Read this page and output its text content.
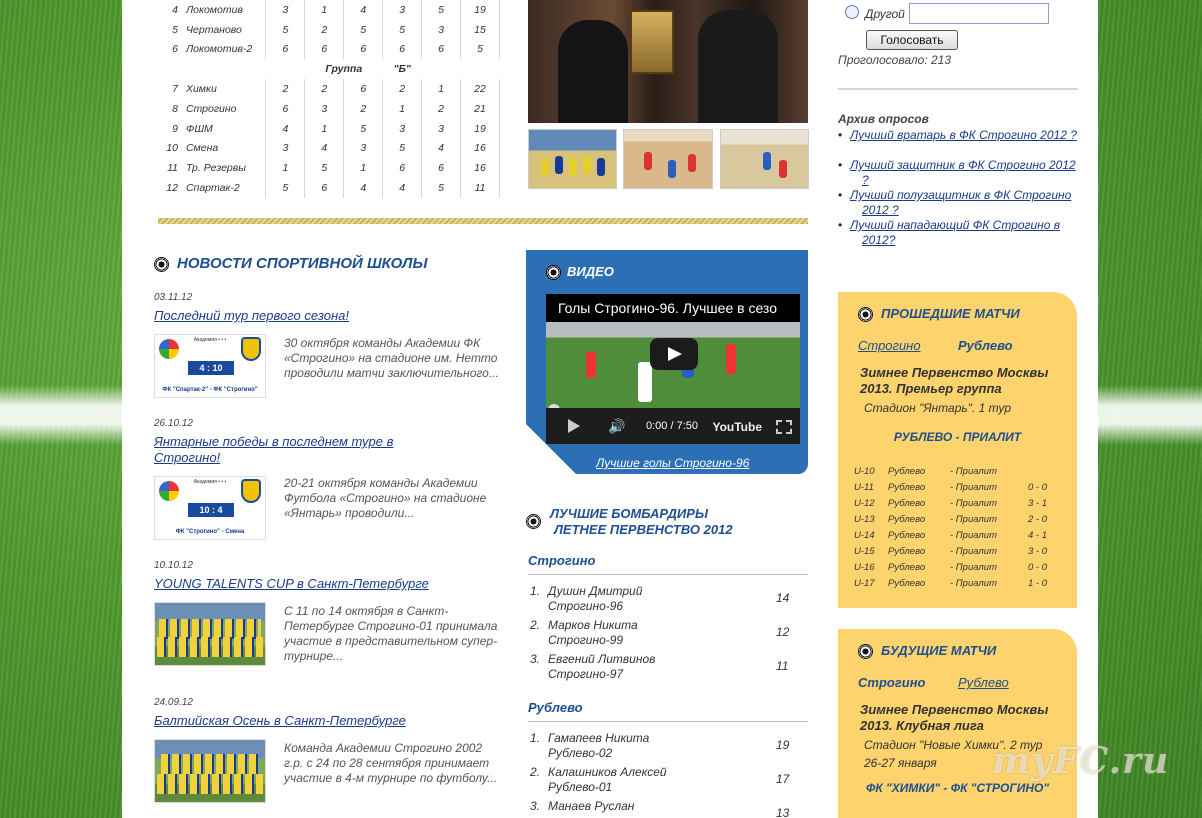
4	Локомотив	3	1	4	3	5	19
5	Чертаново	5	2	5	5	3	15
6	Локомотив-2	6	6	6	6	6	5
			Группа		"Б"		
7	Химки	2	2	6	2	1	22
8	Строгино	6	3	2	1	2	21
9	ФШМ	4	1	5	3	3	19
10	Смена	3	4	3	5	4	16
11	Тр. Резервы	1	5	1	6	6	16
12	Спартак-2	5	6	4	4	5	11
НОВОСТИ СПОРТИВНОЙ ШКОЛЫ
03.11.12
Последний тур первого сезона!
Академия • • •
4 : 10
ФК "Спартак-2" - ФК "Строгино"
30 октября команды Академии ФК «Строгино» на стадионе им. Нетто проводили матчи заключительного...
26.10.12
Янтарные победы в последнем туре в Строгино!
Академия • • •
10 : 4
ФК "Строгино" - Смена
20-21 октября команды Академии Футбола «Строгино» на стадионе «Янтарь» проводили...
10.10.12
YOUNG TALENTS CUP в Санкт-Петербурге
С 11 по 14 октября в Санкт-Петербурге Строгино-01 принимала участие в представительном супер-турнире...
24.09.12
Балтийская Осень в Санкт-Петербурге
Команда Академии Строгино 2002 г.р. с 24 по 28 сентября принимает участие в 4-м турнире по футболу...
ВИДЕО
Голы Строгино-96. Лучшее в сезо
🔊 0:00 / 7:50 YouTube
Лучшие голы Строгино-96
ЛУЧШИЕ БОМБАРДИРЫ
ЛЕТНЕЕ ПЕРВЕНСТВО 2012
Строгино
1. Душин Дмитрий
Строгино-96
14
2. Марков Никита
Строгино-99
12
3. Евгений Литвинов
Строгино-97
11
Рублево
1. Гамапеев Никита
Рублево-02
19
2. Калашников Алексей
Рублево-01
17
3. Манаев Руслан	13
Другой
Голосовать
Проголосовало: 213
Архив опросов
• Лучший вратарь в ФК Строгино 2012 ?
• Лучший защитник в ФК Строгино 2012 ?
• Лучший полузащитник в ФК Строгино 2012 ?
• Лучший нападающий ФК Строгино в 2012?
ПРОШЕДШИЕ МАТЧИ
Строгино	Рублево
Зимнее Первенство Москвы 2013. Премьер группа
Стадион "Янтарь". 1 тур
РУБЛЕВО - ПРИАЛИТ
U-10 Рублево	- Приалит
U-11 Рублево	- Приалит	0 - 0
U-12 Рублево	- Приалит	3 - 1
U-13 Рублево	- Приалит	2 - 0
U-14 Рублево	- Приалит	4 - 1
U-15 Рублево	- Приалит	3 - 0
U-16 Рублево	- Приалит	0 - 0
U-17 Рублево	- Приалит	1 - 0
БУДУЩИЕ МАТЧИ
Строгино Рублево
Зимнее Первенство Москвы 2013. Клубная лига
Стадион "Новые Химки". 2 тур
26-27 января
ФК "ХИМКИ" - ФК "СТРОГИНО"
myFC.ru
